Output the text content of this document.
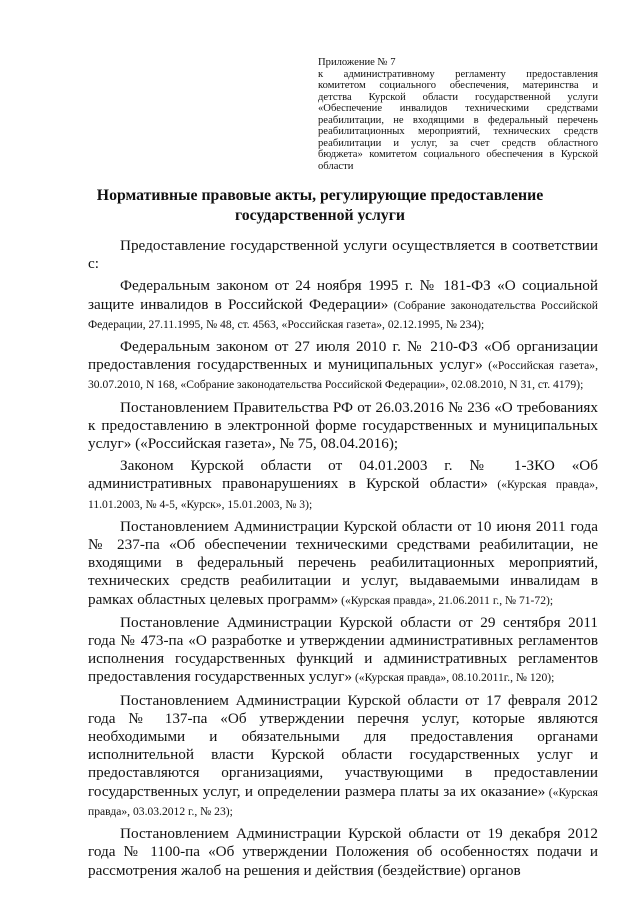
Приложение № 7
к административному регламенту предоставления
комитетом социального обеспечения, материнства и
детства Курской области государственной услуги
«Обеспечение инвалидов техническими средствами
реабилитации, не входящими в федеральный перечень
реабилитационных мероприятий, технических средств
реабилитации и услуг, за счет средств областного
бюджета» комитетом социального обеспечения в Курской
области
Нормативные правовые акты, регулирующие предоставление
государственной услуги

Предоставление государственной услуги осуществляется в соответствии с:

Федеральным законом от 24 ноября 1995 г. № 181-ФЗ «О социальной защите инвалидов в Российской Федерации» (Собрание законодательства Российской Федерации, 27.11.1995, № 48, ст. 4563, «Российская газета», 02.12.1995, № 234);

Федеральным законом от 27 июля 2010 г. № 210-ФЗ «Об организации предоставления государственных и муниципальных услуг» («Российская газета», 30.07.2010, N 168, «Собрание законодательства Российской Федерации», 02.08.2010, N 31, ст. 4179);

Постановлением Правительства РФ от 26.03.2016 № 236 «О требованиях к предоставлению в электронной форме государственных и муниципальных услуг» («Российская газета», № 75, 08.04.2016);

Законом Курской области от 04.01.2003 г. № 1-ЗКО «Об административных правонарушениях в Курской области» («Курская правда», 11.01.2003, № 4-5, «Курск», 15.01.2003, № 3);

Постановлением Администрации Курской области от 10 июня 2011 года № 237-па «Об обеспечении техническими средствами реабилитации, не входящими в федеральный перечень реабилитационных мероприятий, технических средств реабилитации и услуг, выдаваемыми инвалидам в рамках областных целевых программ» («Курская правда», 21.06.2011 г., № 71-72);

Постановление Администрации Курской области от 29 сентября 2011 года № 473-па «О разработке и утверждении административных регламентов исполнения государственных функций и административных регламентов предоставления государственных услуг» («Курская правда», 08.10.2011г., № 120);

Постановлением Администрации Курской области от 17 февраля 2012 года № 137-па «Об утверждении перечня услуг, которые являются необходимыми и обязательными для предоставления органами исполнительной власти Курской области государственных услуг и предоставляются организациями, участвующими в предоставлении государственных услуг, и определении размера платы за их оказание» («Курская правда», 03.03.2012 г., № 23);

Постановлением Администрации Курской области от 19 декабря 2012 года № 1100-па «Об утверждении Положения об особенностях подачи и рассмотрения жалоб на решения и действия (бездействие) органов
